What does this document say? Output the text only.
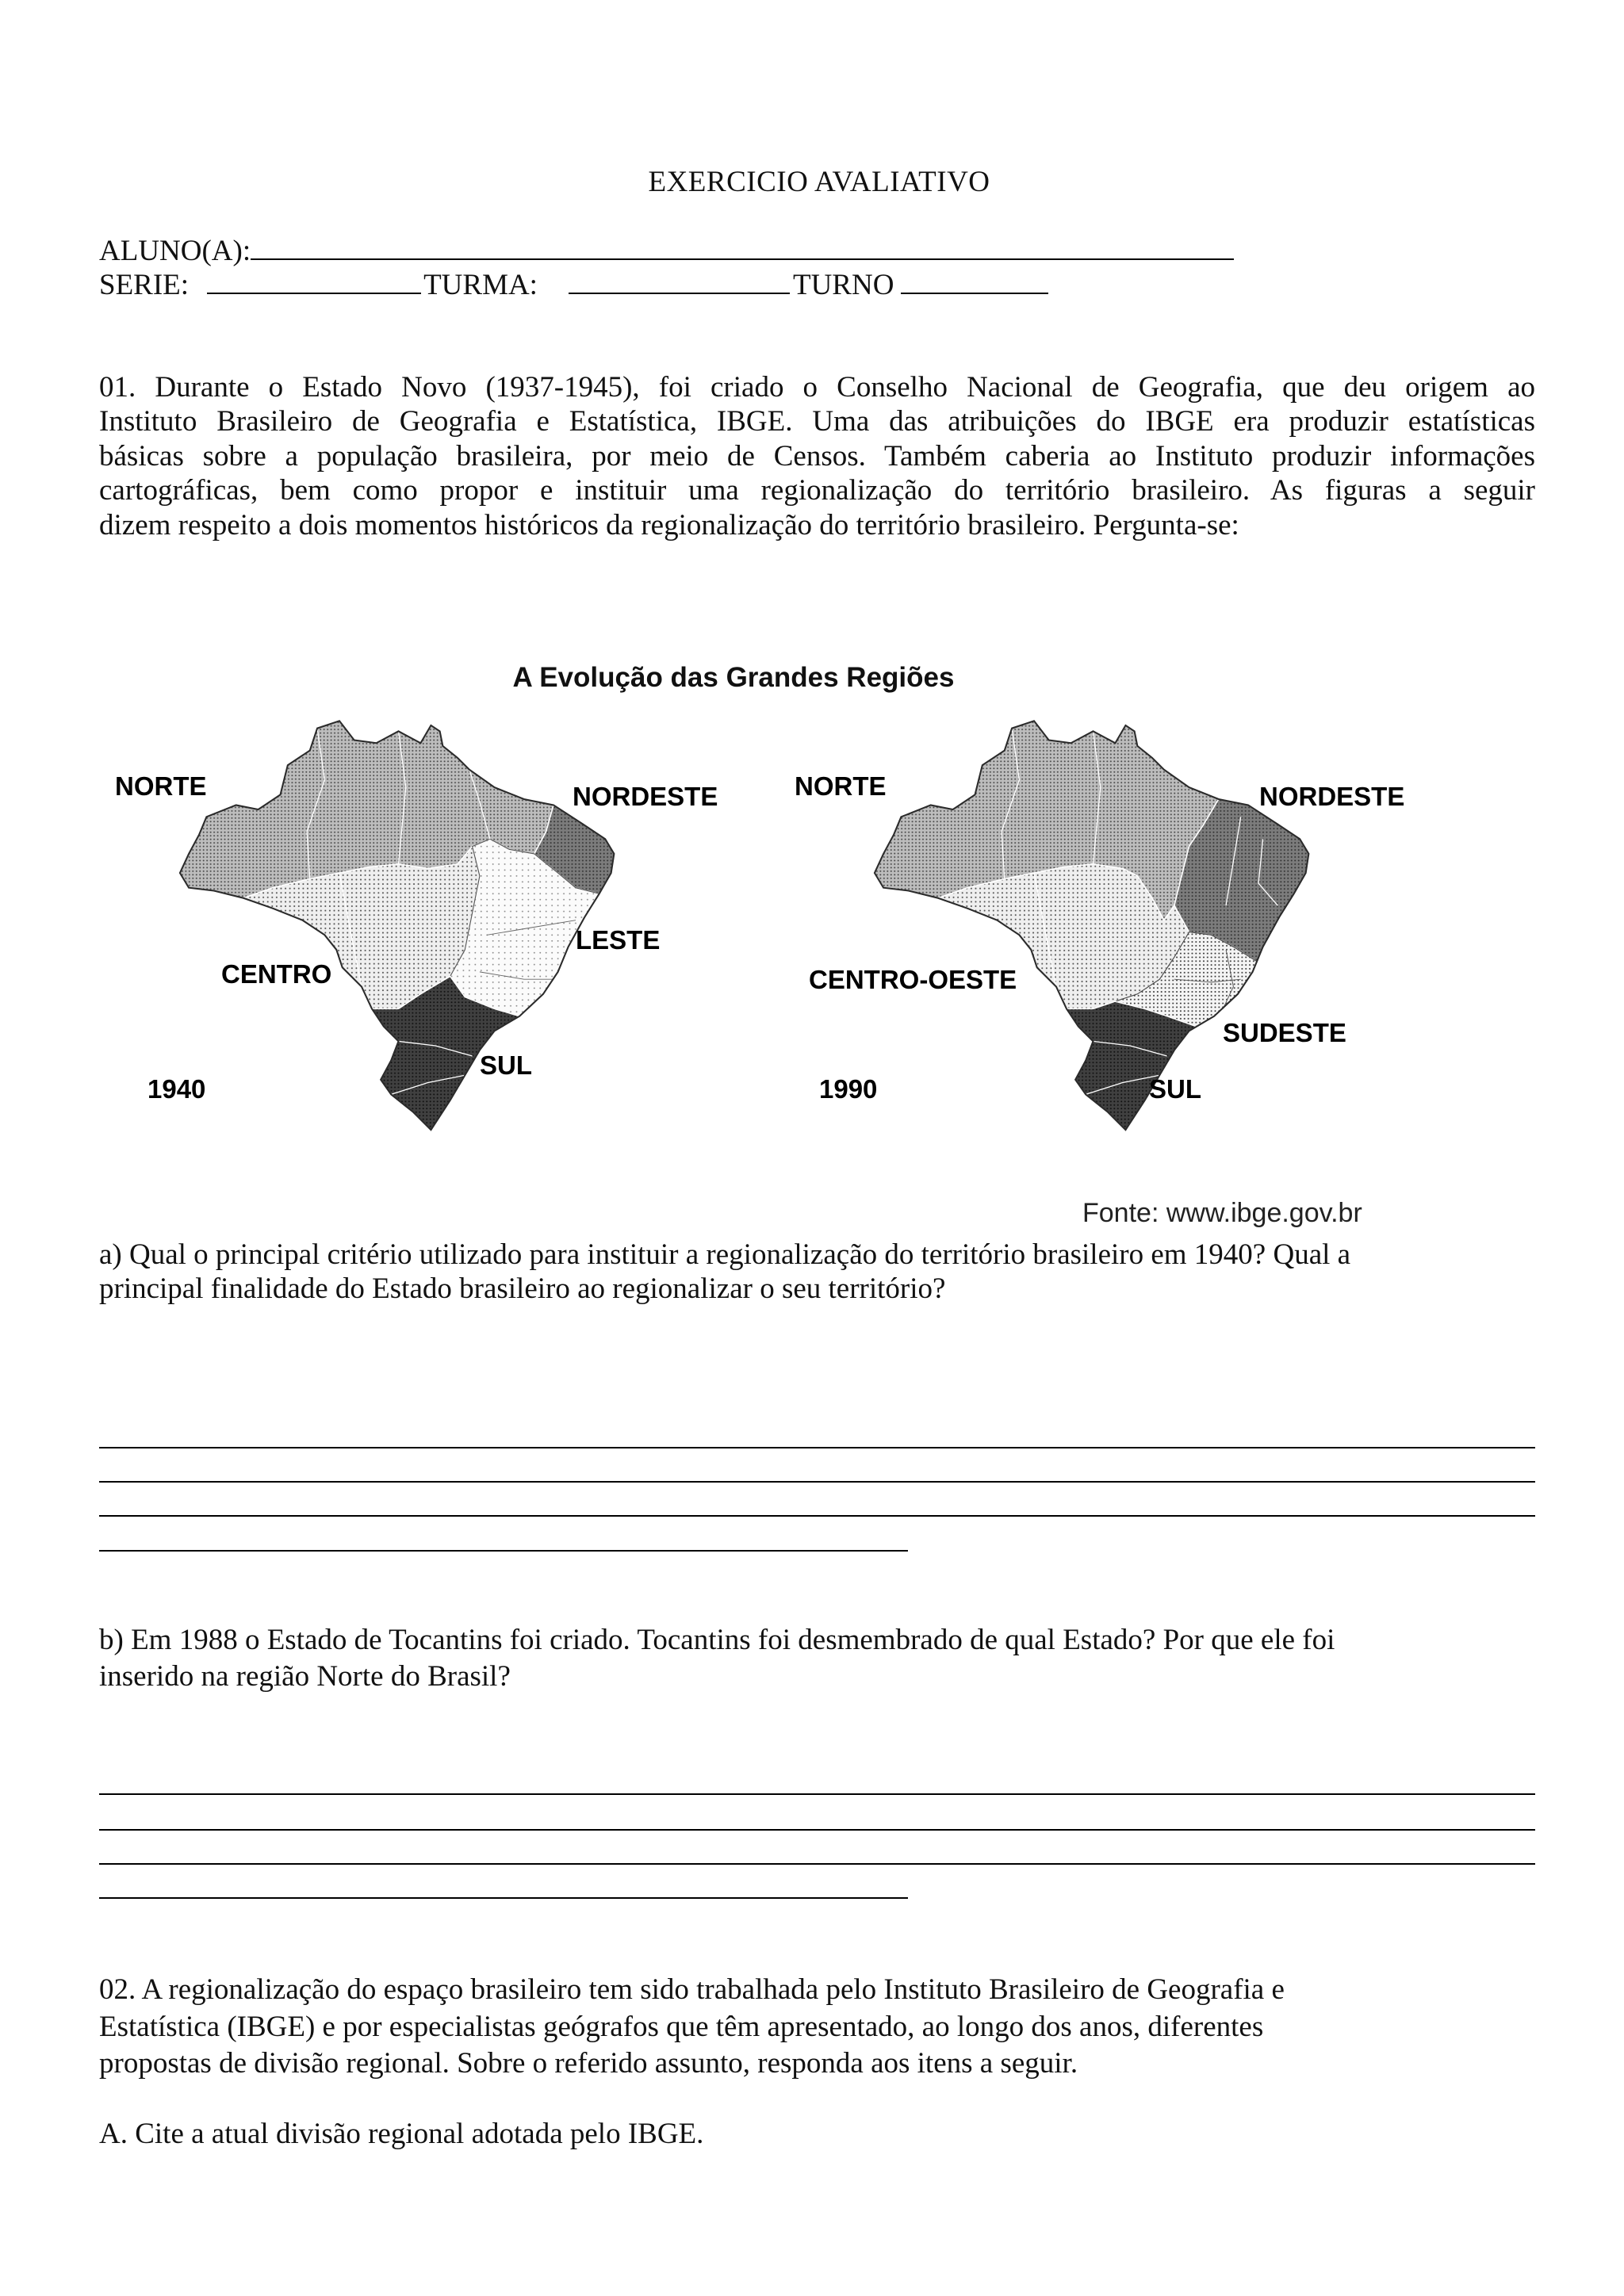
EXERCICIO AVALIATIVO
ALUNO(A):
SERIE:	TURMA:	TURNO
01. Durante o Estado Novo (1937-1945), foi criado o Conselho Nacional de Geografia, que deu origem ao
Instituto Brasileiro de Geografia e Estatística, IBGE. Uma das atribuições do IBGE era produzir estatísticas
básicas sobre a população brasileira, por meio de Censos. Também caberia ao Instituto produzir informações
cartográficas, bem como propor e instituir uma regionalização do território brasileiro. As figuras a seguir
dizem respeito a dois momentos históricos da regionalização do território brasileiro. Pergunta-se:
A Evolução das Grandes Regiões
NORTE	NORDESTE
LESTE
CENTRO
SUL
1940
NORTE	NORDESTE
CENTRO-OESTE
SUDESTE
SUL
1990
Fonte: www.ibge.gov.br
a) Qual o principal critério utilizado para instituir a regionalização do território brasileiro em 1940? Qual a
principal finalidade do Estado brasileiro ao regionalizar o seu território?
b) Em 1988 o Estado de Tocantins foi criado. Tocantins foi desmembrado de qual Estado? Por que ele foi
inserido na região Norte do Brasil?
02. A regionalização do espaço brasileiro tem sido trabalhada pelo Instituto Brasileiro de Geografia e
Estatística (IBGE) e por especialistas geógrafos que têm apresentado, ao longo dos anos, diferentes
propostas de divisão regional. Sobre o referido assunto, responda aos itens a seguir.
A. Cite a atual divisão regional adotada pelo IBGE.
